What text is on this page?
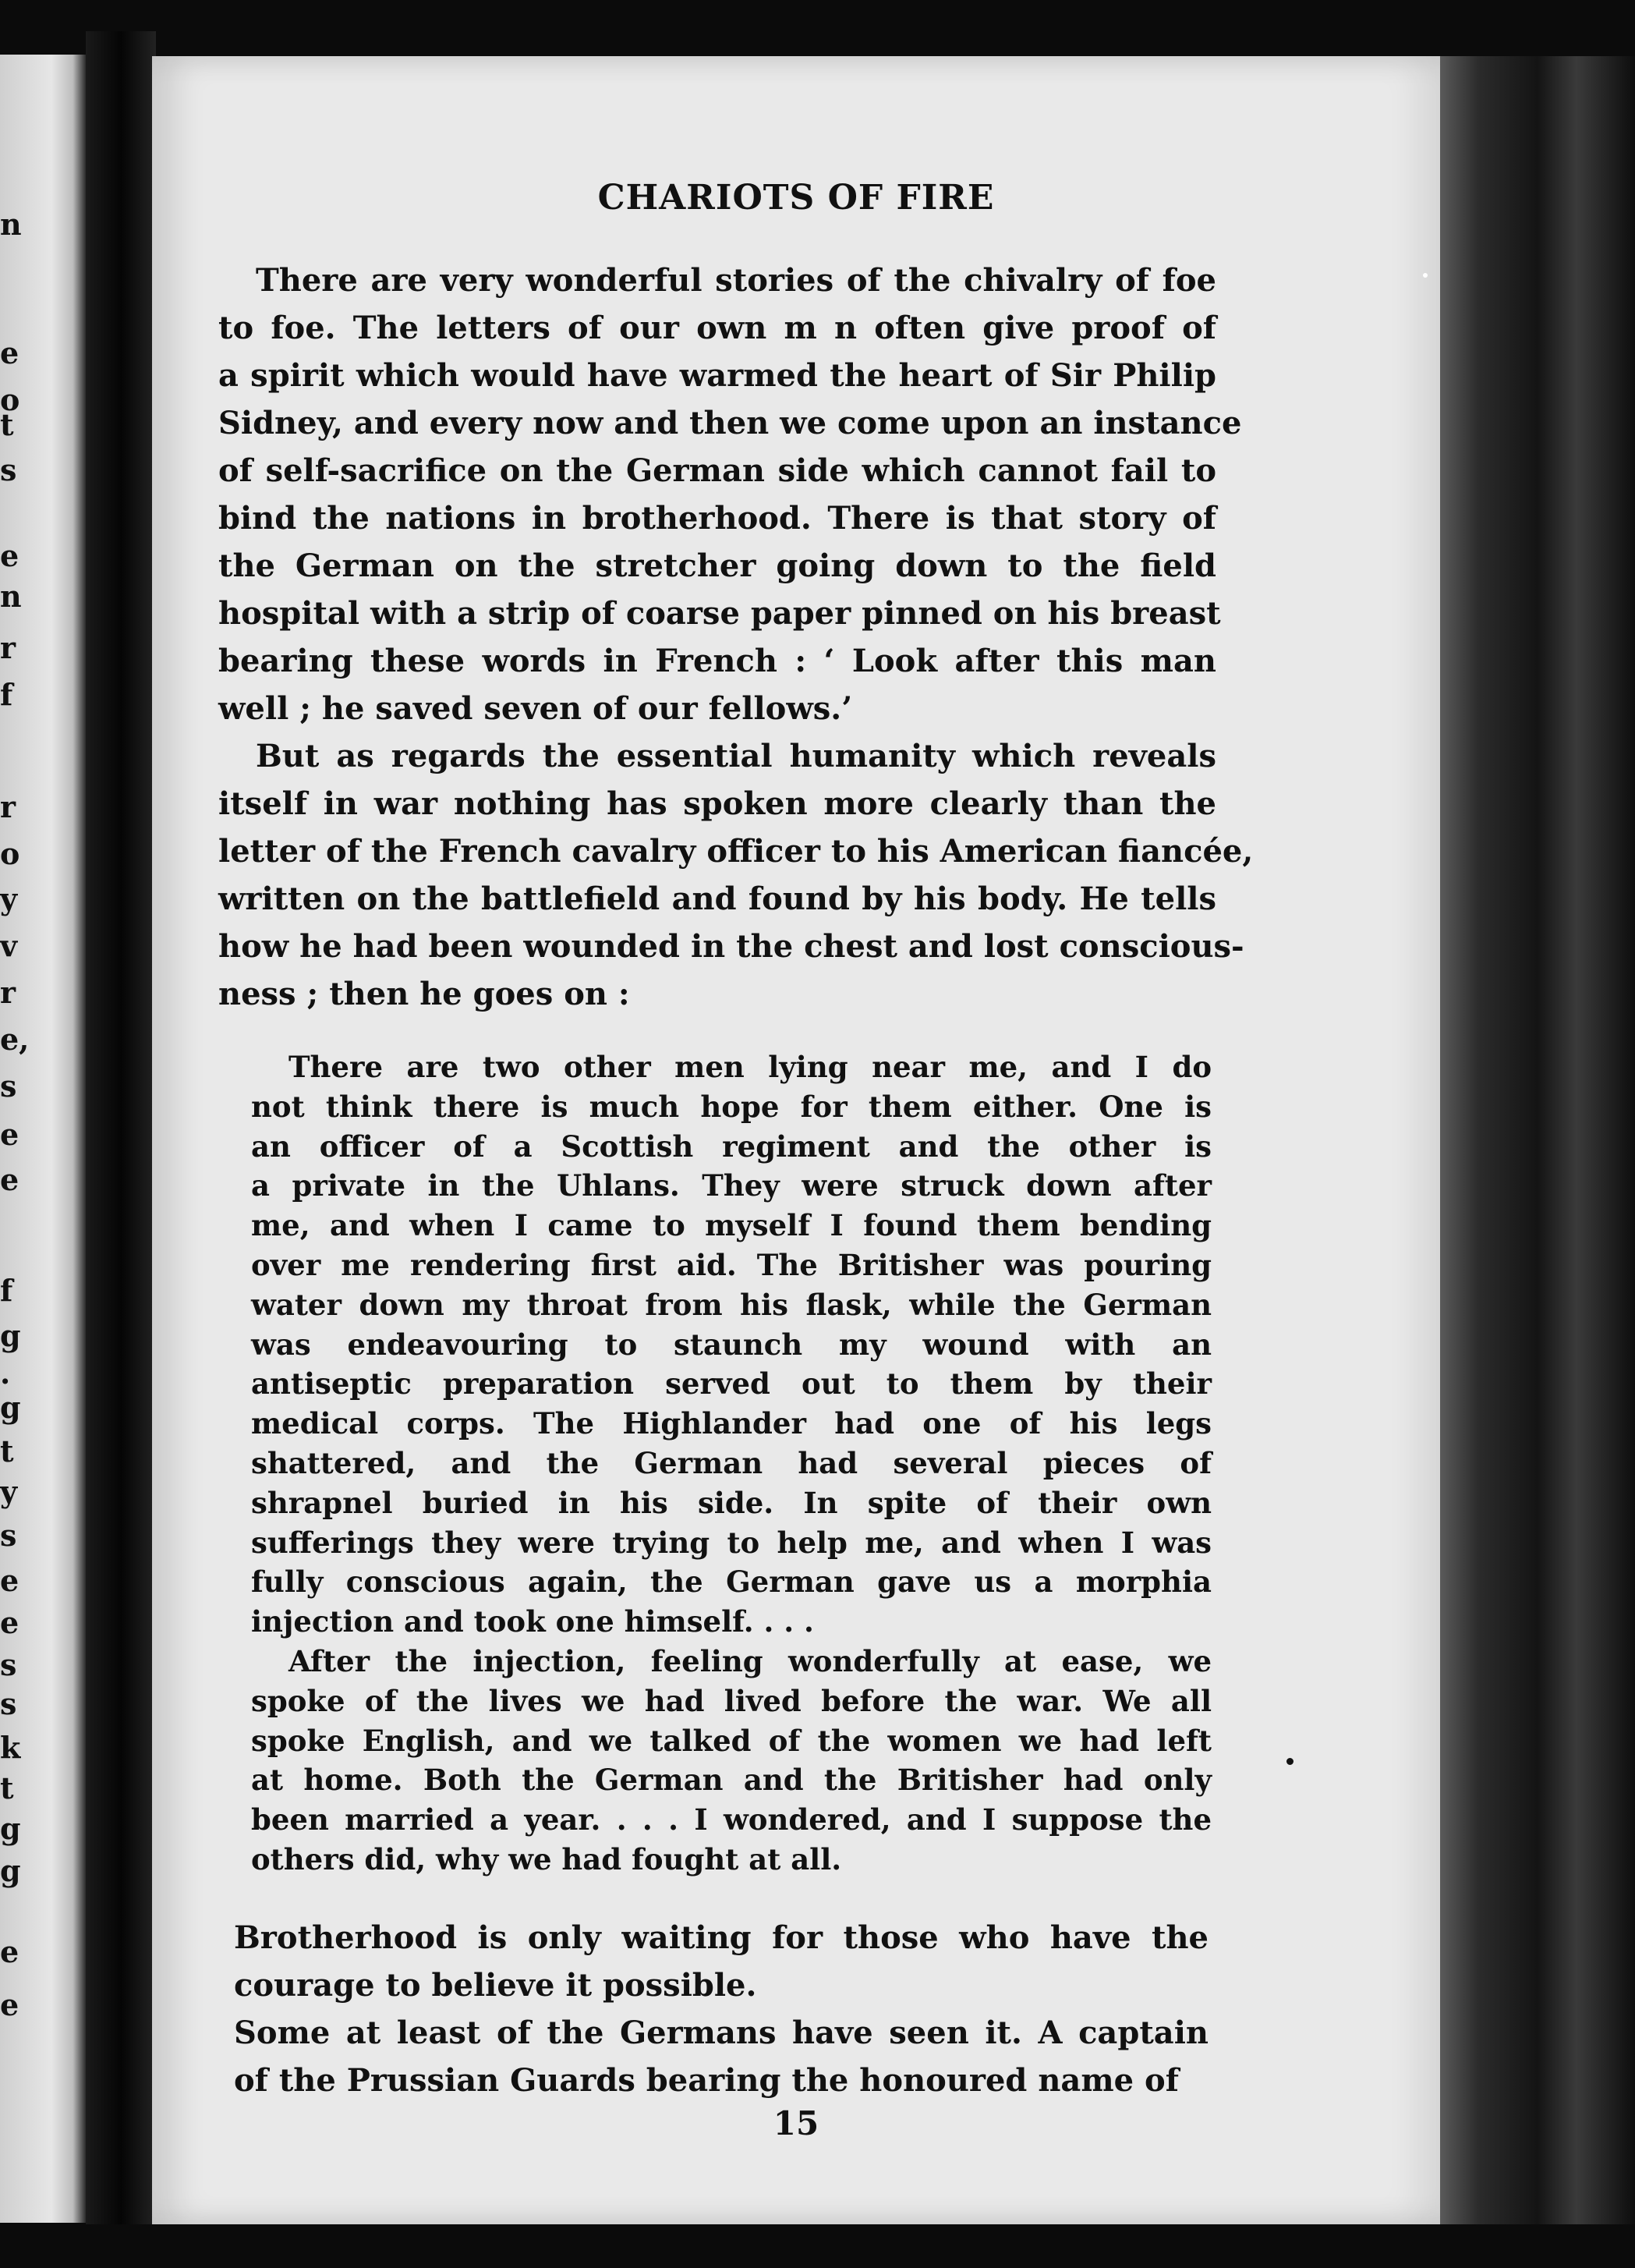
n
e
o
t
s
e
n
r
f
r
o
y
v
r
e,
s
e
e
f
g
.
g
t
y
s
e
e
s
s
k
t
g
g
e
e
CHARIOTS OF FIRE
There are very wonderful stories of the chivalry of foe
to foe. The letters of our own m n often give proof of
a spirit which would have warmed the heart of Sir Philip
Sidney, and every now and then we come upon an instance
of self-sacrifice on the German side which cannot fail to
bind the nations in brotherhood. There is that story of
the German on the stretcher going down to the field
hospital with a strip of coarse paper pinned on his breast
bearing these words in French : ‘ Look after this man
well ; he saved seven of our fellows.’
But as regards the essential humanity which reveals
itself in war nothing has spoken more clearly than the
letter of the French cavalry officer to his American fiancée,
written on the battlefield and found by his body. He tells
how he had been wounded in the chest and lost conscious-
ness ; then he goes on :
There are two other men lying near me, and I do
not think there is much hope for them either. One is
an officer of a Scottish regiment and the other is
a private in the Uhlans. They were struck down after
me, and when I came to myself I found them bending
over me rendering first aid. The Britisher was pouring
water down my throat from his flask, while the German
was endeavouring to staunch my wound with an
antiseptic preparation served out to them by their
medical corps. The Highlander had one of his legs
shattered, and the German had several pieces of
shrapnel buried in his side. In spite of their own
sufferings they were trying to help me, and when I was
fully conscious again, the German gave us a morphia
injection and took one himself. . . .
After the injection, feeling wonderfully at ease, we
spoke of the lives we had lived before the war. We all
spoke English, and we talked of the women we had left
at home. Both the German and the Britisher had only
been married a year. . . . I wondered, and I suppose the
others did, why we had fought at all.
Brotherhood is only waiting for those who have the
courage to believe it possible.
Some at least of the Germans have seen it. A captain
of the Prussian Guards bearing the honoured name of
15
